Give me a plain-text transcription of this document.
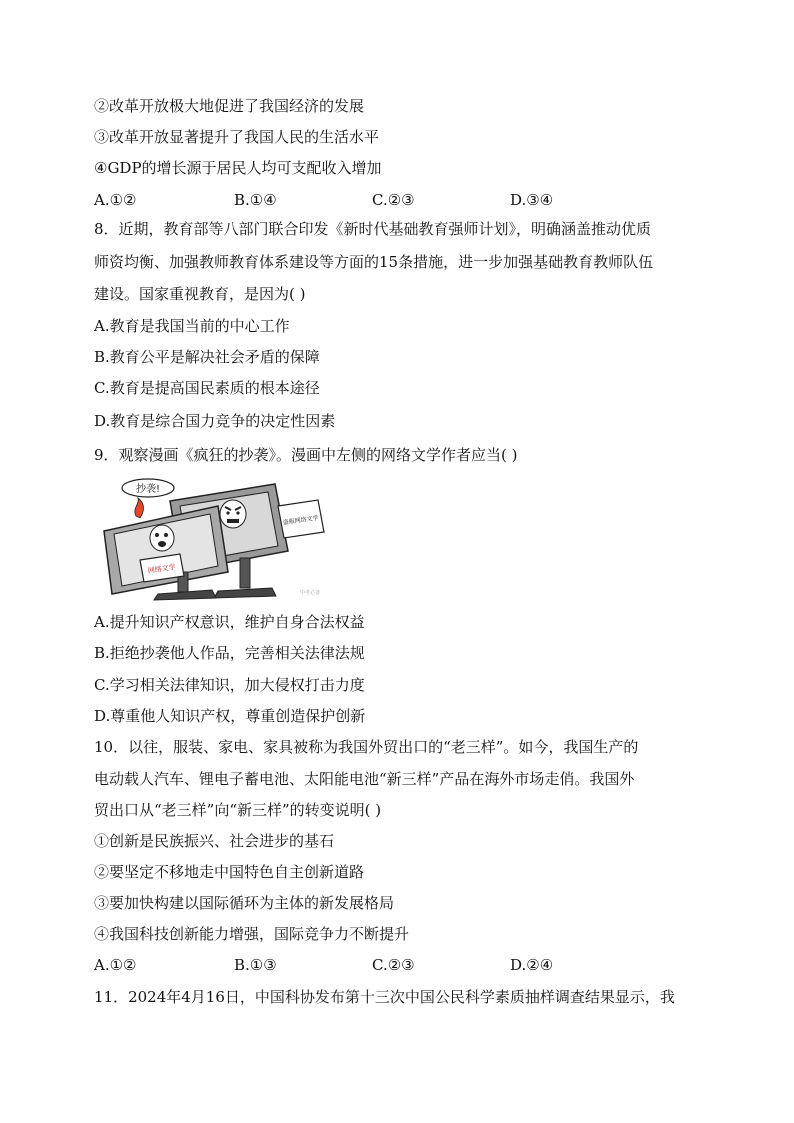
②改革开放极大地促进了我国经济的发展
③改革开放显著提升了我国人民的生活水平
④GDP的增长源于居民人均可支配收入增加
A.①②	B.①④	C.②③	D.③④
8．近期，教育部等八部门联合印发《新时代基础教育强师计划》，明确涵盖推动优质
师资均衡、加强教师教育体系建设等方面的15条措施，进一步加强基础教育教师队伍
建设。国家重视教育，是因为( )
A.教育是我国当前的中心工作
B.教育公平是解决社会矛盾的保障
C.教育是提高国民素质的根本途径
D.教育是综合国力竞争的决定性因素
9．观察漫画《疯狂的抄袭》。漫画中左侧的网络文学作者应当( )
抄袭!
盗版网络文学
网络文学
中考必备
A.提升知识产权意识，维护自身合法权益
B.拒绝抄袭他人作品，完善相关法律法规
C.学习相关法律知识，加大侵权打击力度
D.尊重他人知识产权，尊重创造保护创新
10．以往，服装、家电、家具被称为我国外贸出口的“老三样”。如今，我国生产的
电动载人汽车、锂电子蓄电池、太阳能电池“新三样”产品在海外市场走俏。我国外
贸出口从“老三样”向“新三样”的转变说明( )
①创新是民族振兴、社会进步的基石
②要坚定不移地走中国特色自主创新道路
③要加快构建以国际循环为主体的新发展格局
④我国科技创新能力增强，国际竞争力不断提升
A.①②	B.①③	C.②③	D.②④
11．2024年4月16日，中国科协发布第十三次中国公民科学素质抽样调查结果显示，我
